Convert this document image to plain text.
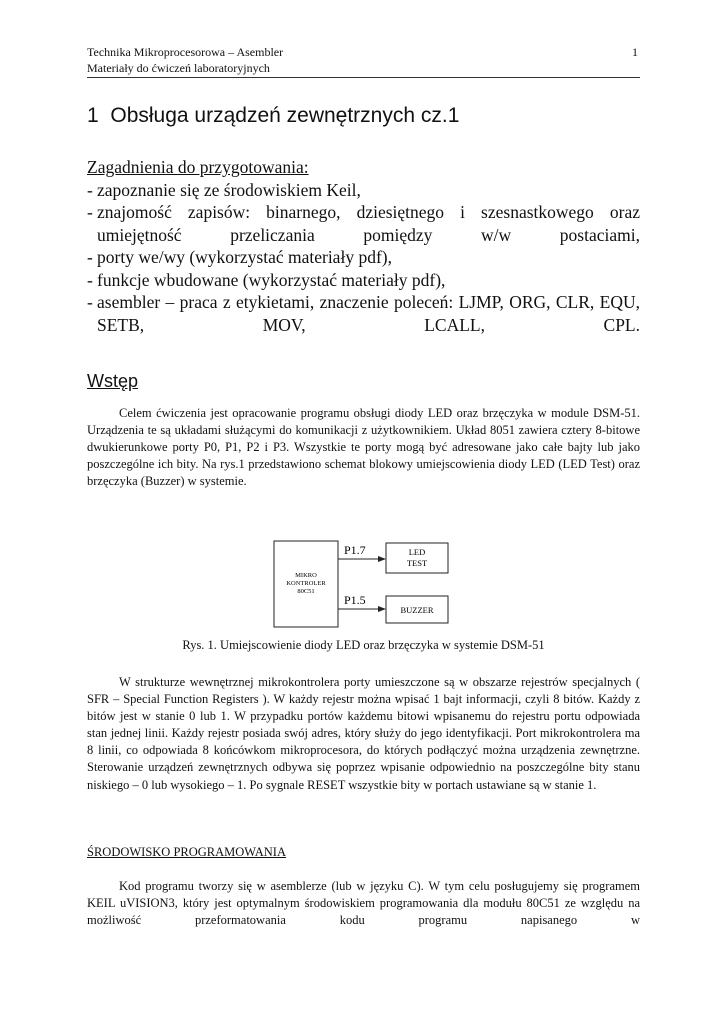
Technika Mikroprocesorowa – Asembler
Materiały do ćwiczeń laboratoryjnych
1
1 Obsługa urządzeń zewnętrznych cz.1
Zagadnienia do przygotowania:
- zapoznanie się ze środowiskiem Keil,
- znajomość zapisów: binarnego, dziesiętnego i szesnastkowego oraz umiejętność przeliczania pomiędzy w/w postaciami,
- porty we/wy (wykorzystać materiały pdf),
- funkcje wbudowane (wykorzystać materiały pdf),
- asembler – praca z etykietami, znaczenie poleceń: LJMP, ORG, CLR, EQU, SETB, MOV, LCALL, CPL.
Wstęp
Celem ćwiczenia jest opracowanie programu obsługi diody LED oraz brzęczyka w module DSM-51. Urządzenia te są układami służącymi do komunikacji z użytkownikiem. Układ 8051 zawiera cztery 8-bitowe dwukierunkowe porty P0, P1, P2 i P3. Wszystkie te porty mogą być adresowane jako całe bajty lub jako poszczególne ich bity. Na rys.1 przedstawiono schemat blokowy umiejscowienia diody LED (LED Test) oraz brzęczyka (Buzzer) w systemie.
MIKRO
KONTROLER
80C51
LED
TEST
BUZZER
P1.7
P1.5
Rys. 1. Umiejscowienie diody LED oraz brzęczyka w systemie DSM-51
W strukturze wewnętrznej mikrokontrolera porty umieszczone są w obszarze rejestrów specjalnych ( SFR – Special Function Registers ). W każdy rejestr można wpisać 1 bajt informacji, czyli 8 bitów. Każdy z bitów jest w stanie 0 lub 1. W przypadku portów każdemu bitowi wpisanemu do rejestru portu odpowiada stan jednej linii. Każdy rejestr posiada swój adres, który służy do jego identyfikacji. Port mikrokontrolera ma 8 linii, co odpowiada 8 końcówkom mikroprocesora, do których podłączyć można urządzenia zewnętrzne. Sterowanie urządzeń zewnętrznych odbywa się poprzez wpisanie odpowiednio na poszczególne bity stanu niskiego – 0 lub wysokiego – 1. Po sygnale RESET wszystkie bity w portach ustawiane są w stanie 1.
ŚRODOWISKO PROGRAMOWANIA
Kod programu tworzy się w asemblerze (lub w języku C). W tym celu posługujemy się programem KEIL uVISION3, który jest optymalnym środowiskiem programowania dla modułu 80C51 ze względu na możliwość przeformatowania kodu programu napisanego w
